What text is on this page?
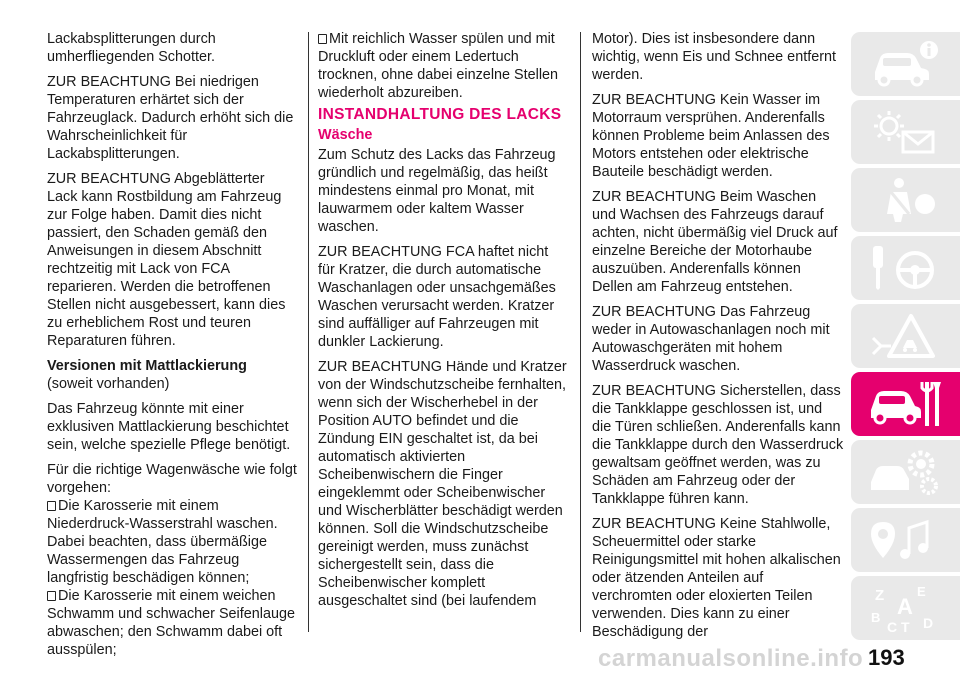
Lackabsplitterungen durch umherfliegenden Schotter.

ZUR BEACHTUNG Bei niedrigen Temperaturen erhärtet sich der Fahrzeuglack. Dadurch erhöht sich die Wahrscheinlichkeit für Lackabsplitterungen.

ZUR BEACHTUNG Abgeblätterter Lack kann Rostbildung am Fahrzeug zur Folge haben. Damit dies nicht passiert, den Schaden gemäß den Anweisungen in diesem Abschnitt rechtzeitig mit Lack von FCA reparieren. Werden die betroffenen Stellen nicht ausgebessert, kann dies zu erheblichem Rost und teuren Reparaturen führen.

Versionen mit Mattlackierung

(soweit vorhanden)

Das Fahrzeug könnte mit einer exklusiven Mattlackierung beschichtet sein, welche spezielle Pflege benötigt.

Für die richtige Wagenwäsche wie folgt vorgehen:

Die Karosserie mit einem Niederdruck-Wasserstrahl waschen. Dabei beachten, dass übermäßige Wassermengen das Fahrzeug langfristig beschädigen können;

Die Karosserie mit einem weichen Schwamm und schwacher Seifenlauge abwaschen; den Schwamm dabei oft ausspülen;

Mit reichlich Wasser spülen und mit Druckluft oder einem Ledertuch trocknen, ohne dabei einzelne Stellen wiederholt abzureiben.

INSTANDHALTUNG DES LACKS
Wäsche

Zum Schutz des Lacks das Fahrzeug gründlich und regelmäßig, das heißt mindestens einmal pro Monat, mit lauwarmem oder kaltem Wasser waschen.

ZUR BEACHTUNG FCA haftet nicht für Kratzer, die durch automatische Waschanlagen oder unsachgemäßes Waschen verursacht werden. Kratzer sind auffälliger auf Fahrzeugen mit dunkler Lackierung.

ZUR BEACHTUNG Hände und Kratzer von der Windschutzscheibe fernhalten, wenn sich der Wischerhebel in der Position AUTO befindet und die Zündung EIN geschaltet ist, da bei automatisch aktivierten Scheibenwischern die Finger eingeklemmt oder Scheibenwischer und Wischerblätter beschädigt werden können. Soll die Windschutzscheibe gereinigt werden, muss zunächst sichergestellt sein, dass die Scheibenwischer komplett ausgeschaltet sind (bei laufendem

Motor). Dies ist insbesondere dann wichtig, wenn Eis und Schnee entfernt werden.

ZUR BEACHTUNG Kein Wasser im Motorraum versprühen. Anderenfalls können Probleme beim Anlassen des Motors entstehen oder elektrische Bauteile beschädigt werden.

ZUR BEACHTUNG Beim Waschen und Wachsen des Fahrzeugs darauf achten, nicht übermäßig viel Druck auf einzelne Bereiche der Motorhaube auszuüben. Anderenfalls können Dellen am Fahrzeug entstehen.

ZUR BEACHTUNG Das Fahrzeug weder in Autowaschanlagen noch mit Autowaschgeräten mit hohem Wasserdruck waschen.

ZUR BEACHTUNG Sicherstellen, dass die Tankklappe geschlossen ist, und die Türen schließen. Anderenfalls kann die Tankklappe durch den Wasserdruck gewaltsam geöffnet werden, was zu Schäden am Fahrzeug oder der Tankklappe führen kann.

ZUR BEACHTUNG Keine Stahlwolle, Scheuermittel oder starke Reinigungsmittel mit hohen alkalischen oder ätzenden Anteilen auf verchromten oder eloxierten Teilen verwenden. Dies kann zu einer Beschädigung der

Z	E
A
B
C T D
carmanualsonline.info 193
